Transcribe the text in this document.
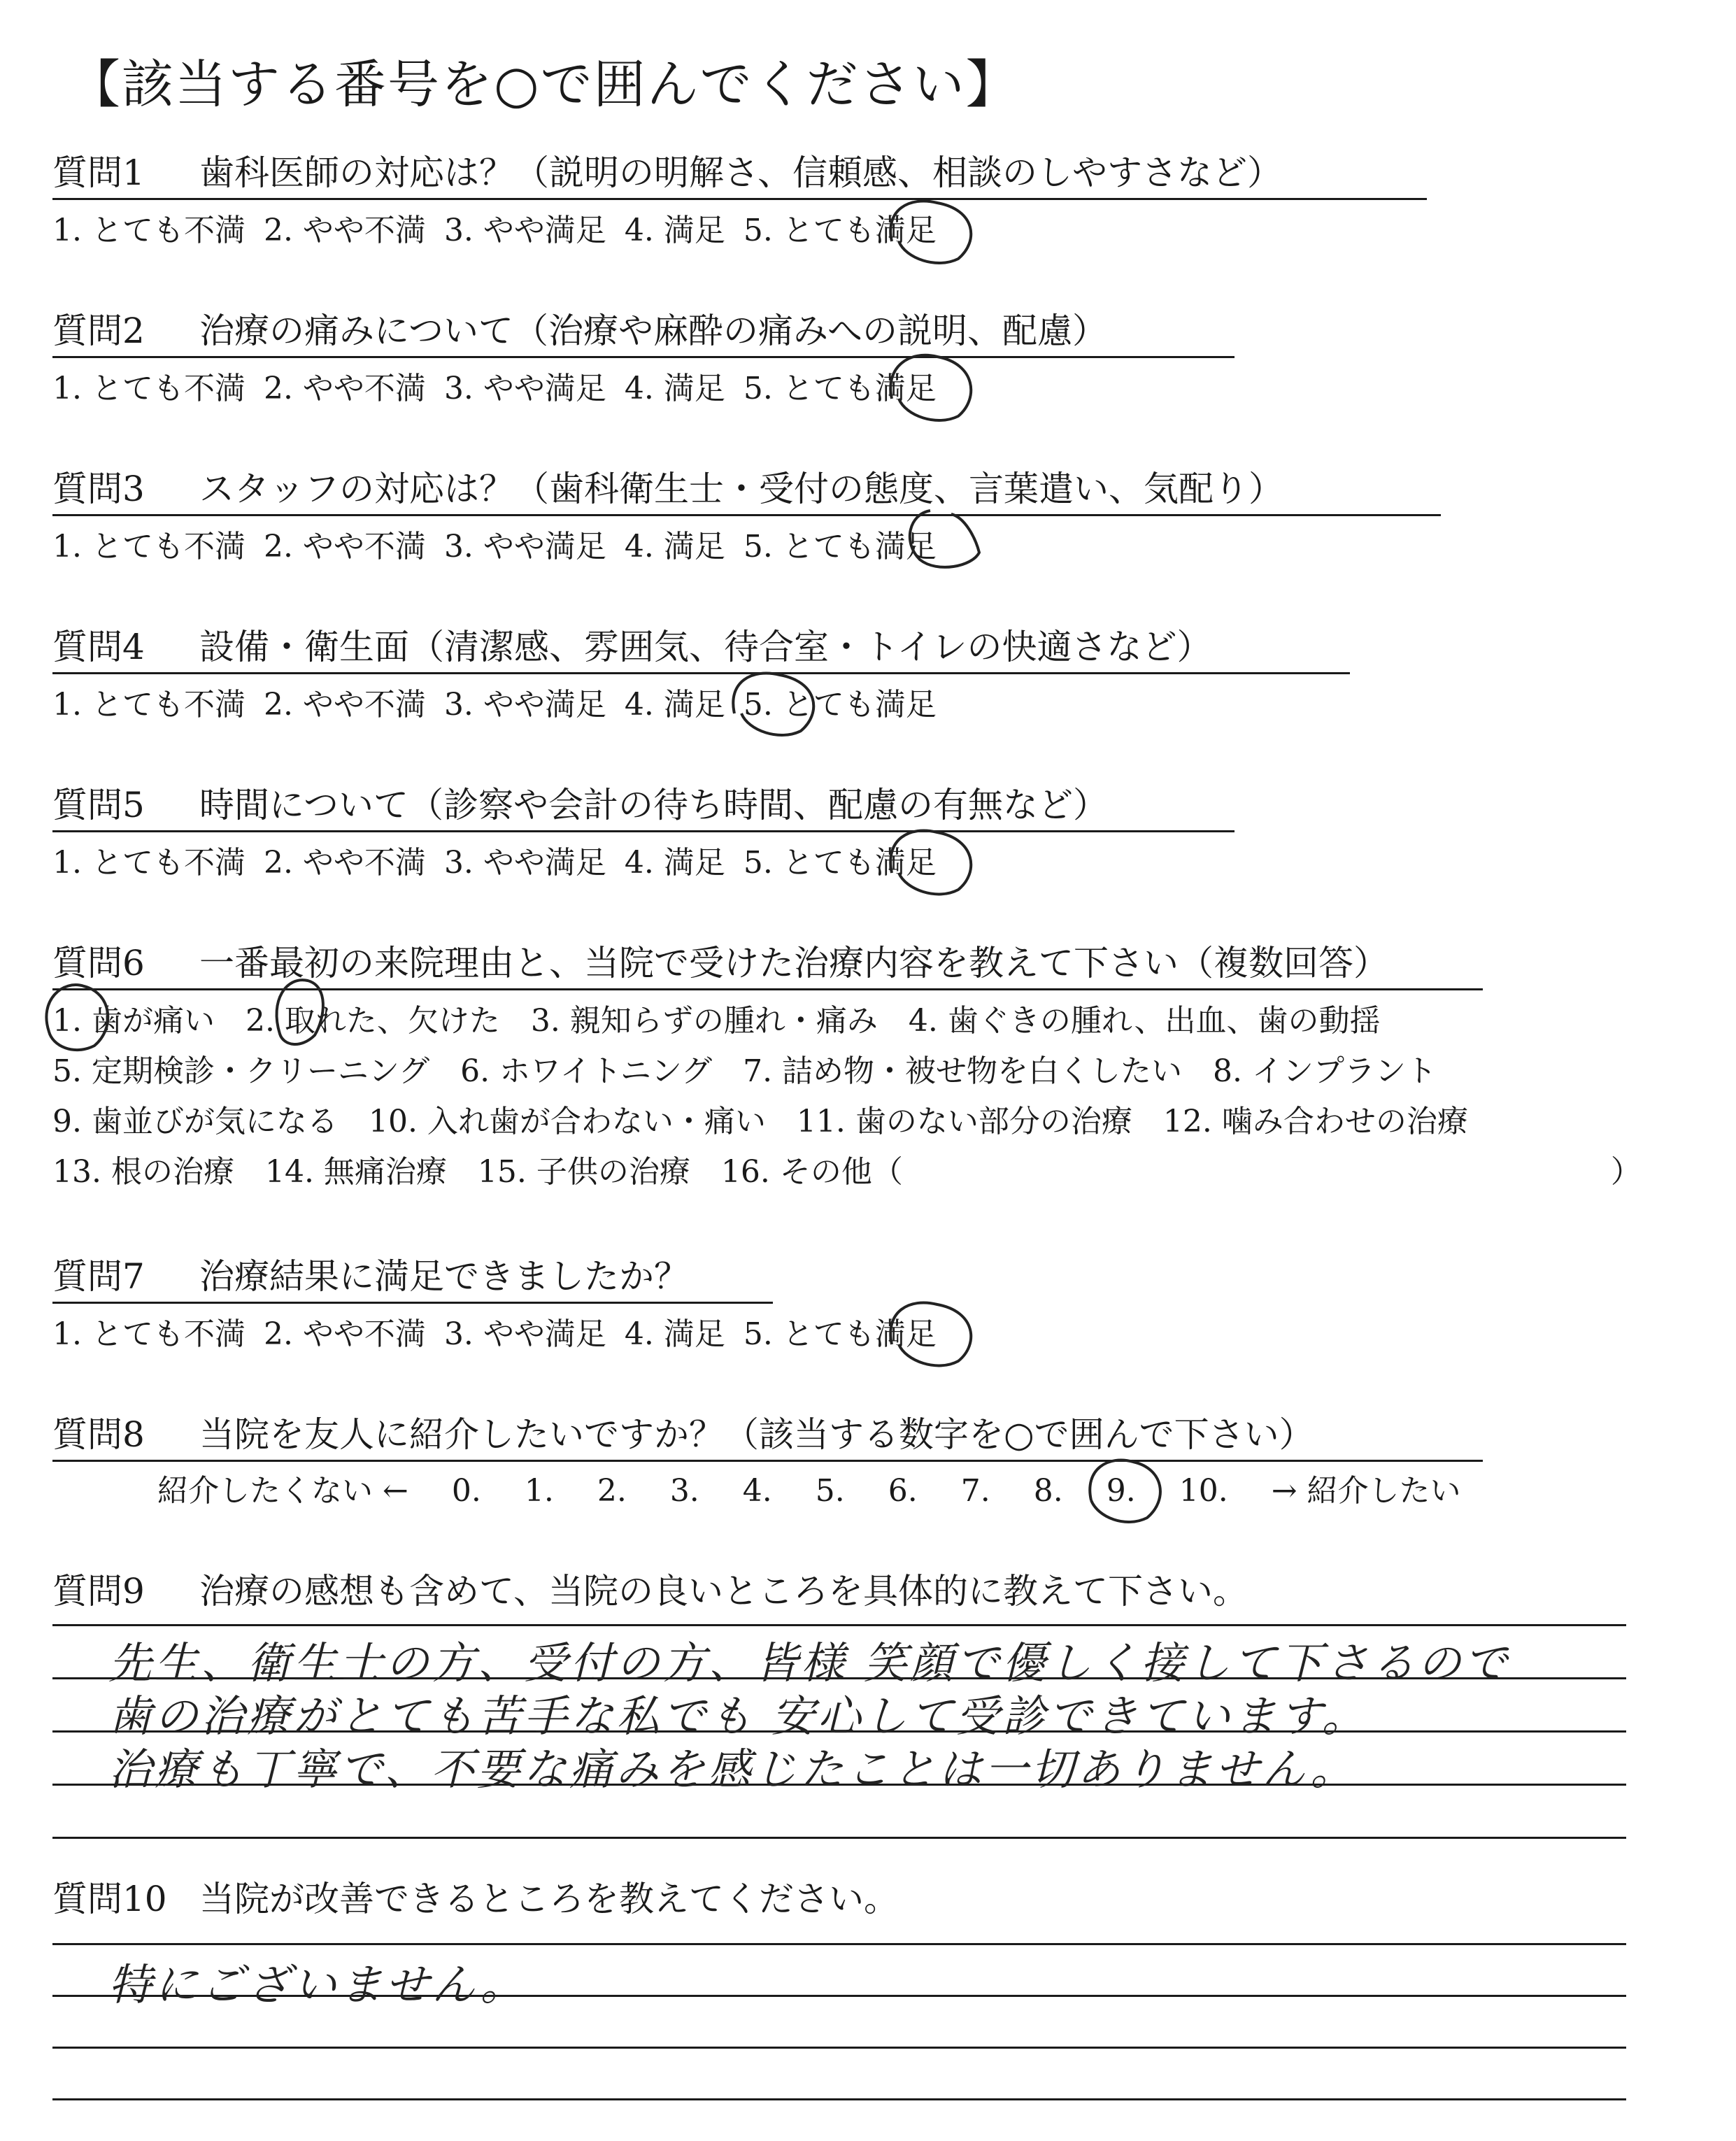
【該当する番号を○で囲んでください】
質問1 歯科医師の対応は？（説明の明解さ、信頼感、相談のしやすさなど）
1. とても不満 2. やや不満 3. やや満足 4. 満足 5. とても満足
質問2 治療の痛みについて（治療や麻酔の痛みへの説明、配慮）
1. とても不満 2. やや不満 3. やや満足 4. 満足 5. とても満足
質問3 スタッフの対応は？（歯科衛生士・受付の態度、言葉遣い、気配り）
1. とても不満 2. やや不満 3. やや満足 4. 満足 5. とても満足
質問4 設備・衛生面（清潔感、雰囲気、待合室・トイレの快適さなど）
1. とても不満 2. やや不満 3. やや満足 4. 満足 5. とても満足
質問5 時間について（診察や会計の待ち時間、配慮の有無など）
1. とても不満 2. やや不満 3. やや満足 4. 満足 5. とても満足
質問6 一番最初の来院理由と、当院で受けた治療内容を教えて下さい（複数回答）
1. 歯が痛い　2. 取れた、欠けた　3. 親知らずの腫れ・痛み　4. 歯ぐきの腫れ、出血、歯の動揺
5. 定期検診・クリーニング　6. ホワイトニング　7. 詰め物・被せ物を白くしたい　8. インプラント
9. 歯並びが気になる　10. 入れ歯が合わない・痛い　11. 歯のない部分の治療　12. 噛み合わせの治療
13. 根の治療　14. 無痛治療　15. 子供の治療　16. その他（　　　　　　　　　　　　　　　　　　　　　　　）
質問7 治療結果に満足できましたか？
1. とても不満 2. やや不満 3. やや満足 4. 満足 5. とても満足
質問8 当院を友人に紹介したいですか？（該当する数字を○で囲んで下さい）
紹介したくない ← 0. 1. 2. 3. 4. 5. 6. 7. 8. 9. 10. → 紹介したい
質問9 治療の感想も含めて、当院の良いところを具体的に教えて下さい。
先生、衛生士の方、受付の方、皆様 笑顔で優しく接して下さるので
歯の治療がとても苦手な私でも 安心して受診できています。
治療も丁寧で、不要な痛みを感じたことは一切ありません。
質問10 当院が改善できるところを教えてください。
特にございません。
